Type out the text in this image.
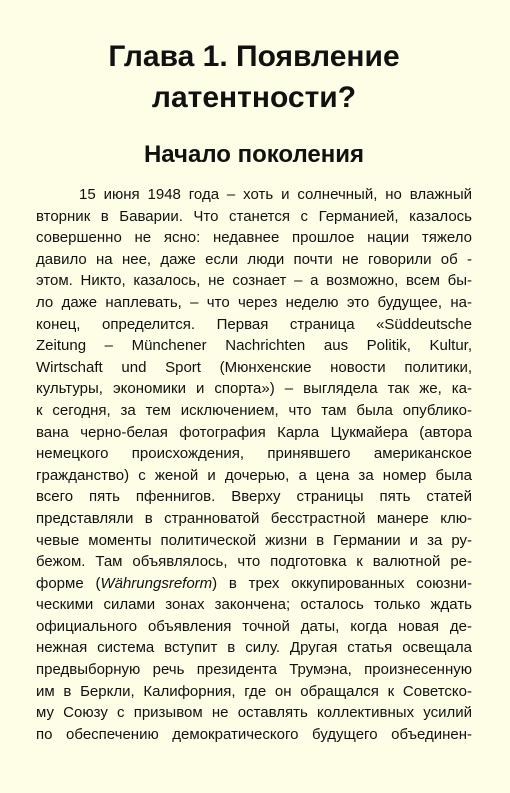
Глава 1. Появление
латентности?
Начало поколения
15 июня 1948 года – хоть и солнечный, но влажный
вторник в Баварии. Что станется с Германией, казалось
совершенно не ясно: недавнее прошлое нации тяжело
давило на нее, даже если люди почти не говорили об -
этом. Никто, казалось, не сознает – а возможно, всем бы-
ло даже наплевать, – что через неделю это будущее, на-
конец, определится. Первая страница «Süddeutsche
Zeitung – Münchener Nachrichten aus Politik, Kultur,
Wirtschaft und Sport (Мюнхенские новости политики,
культуры, экономики и спорта») – выглядела так же, ка-
к сегодня, за тем исключением, что там была опублико-
вана черно-белая фотография Карла Цукмайера (автора
немецкого происхождения, принявшего американское
гражданство) с женой и дочерью, а цена за номер была
всего пять пфеннигов. Вверху страницы пять статей
представляли в странноватой бесстрастной манере клю-
чевые моменты политической жизни в Германии и за ру-
бежом. Там объявлялось, что подготовка к валютной ре-
форме (Währungsreform) в трех оккупированных союзни-
ческими силами зонах закончена; осталось только ждать
официального объявления точной даты, когда новая де-
нежная система вступит в силу. Другая статья освещала
предвыборную речь президента Трумэна, произнесенную
им в Беркли, Калифорния, где он обращался к Советско-
му Союзу с призывом не оставлять коллективных усилий
по обеспечению демократического будущего объединен-
